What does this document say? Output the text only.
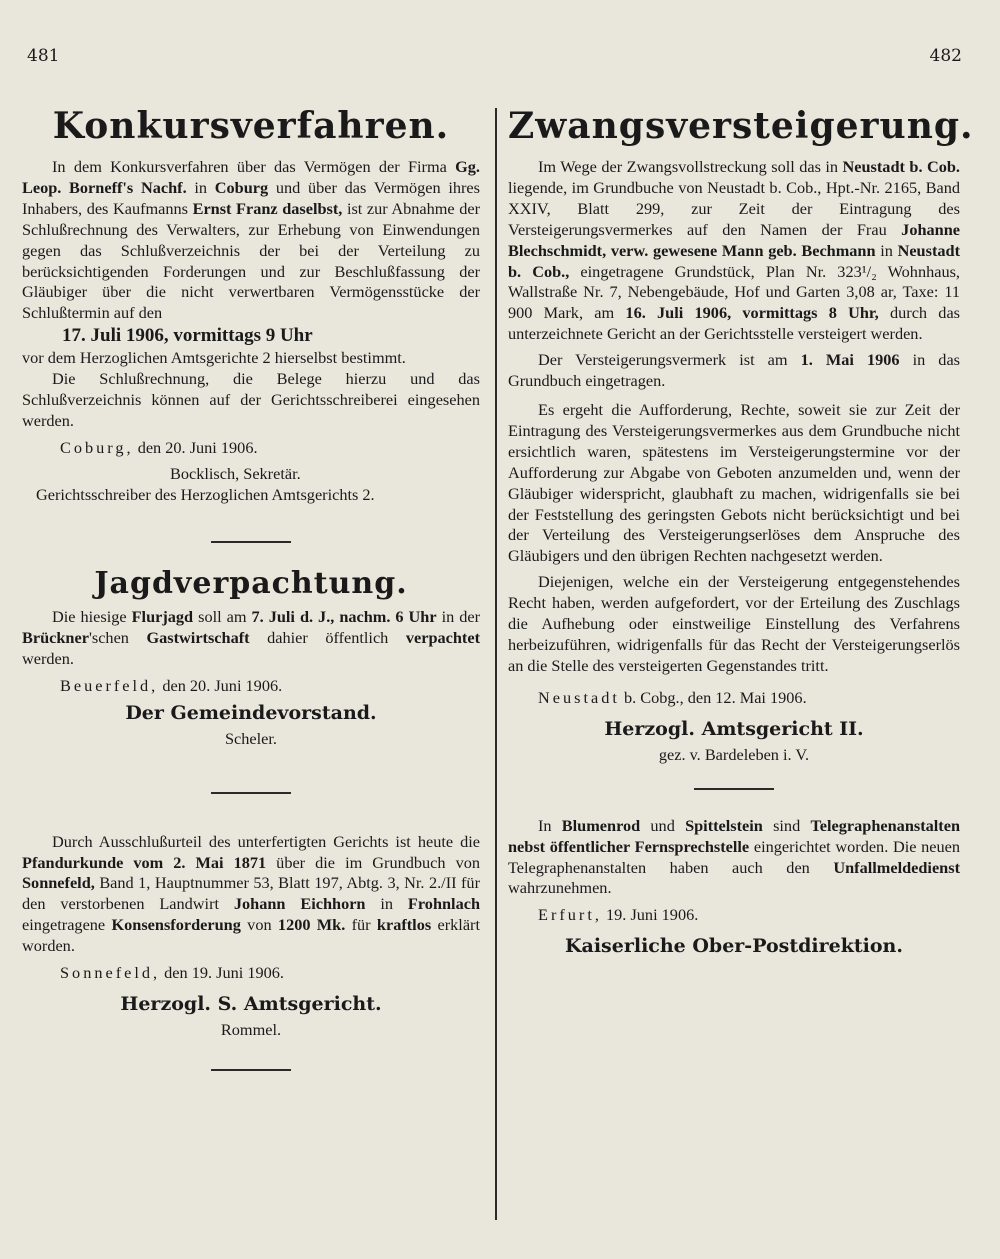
481	482
Konkursverfahren.

In dem Konkursverfahren über das Vermögen der Firma Gg. Leop. Borneff's Nachf. in Coburg und über das Vermögen ihres Inhabers, des Kaufmanns Ernst Franz daselbst, ist zur Abnahme der Schlußrechnung des Verwalters, zur Erhebung von Einwendungen gegen das Schlußverzeichnis der bei der Verteilung zu berücksichtigenden Forderungen und zur Beschlußfassung der Gläubiger über die nicht verwertbaren Vermögensstücke der Schlußtermin auf den

17. Juli 1906, vormittags 9 Uhr

vor dem Herzoglichen Amtsgerichte 2 hierselbst bestimmt.

Die Schlußrechnung, die Belege hierzu und das Schlußverzeichnis können auf der Gerichtsschreiberei eingesehen werden.

Coburg, den 20. Juni 1906.
Bocklisch, Sekretär.
Gerichtsschreiber des Herzoglichen Amtsgerichts 2.
Jagdverpachtung.

Die hiesige Flurjagd soll am 7. Juli d. J., nachm. 6 Uhr in der Brückner'schen Gastwirtschaft dahier öffentlich verpachtet werden.

Beuerfeld, den 20. Juni 1906.
Der Gemeindevorstand.
Scheler.

Durch Ausschlußurteil des unterfertigten Gerichts ist heute die Pfandurkunde vom 2. Mai 1871 über die im Grundbuch von Sonnefeld, Band 1, Hauptnummer 53, Blatt 197, Abtg. 3, Nr. 2./II für den verstorbenen Landwirt Johann Eichhorn in Frohnlach eingetragene Konsensforderung von 1200 Mk. für kraftlos erklärt worden.

Sonnefeld, den 19. Juni 1906.
Herzogl. S. Amtsgericht.
Rommel.
Zwangsversteigerung.

Im Wege der Zwangsvollstreckung soll das in Neustadt b. Cob. liegende, im Grundbuche von Neustadt b. Cob., Hpt.-Nr. 2165, Band XXIV, Blatt 299, zur Zeit der Eintragung des Versteigerungsvermerkes auf den Namen der Frau Johanne Blechschmidt, verw. gewesene Mann geb. Bechmann in Neustadt b. Cob., eingetragene Grundstück, Plan Nr. 323¹/₂ Wohnhaus, Wallstraße Nr. 7, Nebengebäude, Hof und Garten 3,08 ar, Taxe: 11 900 Mark, am 16. Juli 1906, vormittags 8 Uhr, durch das unterzeichnete Gericht an der Gerichtsstelle versteigert werden.

Der Versteigerungsvermerk ist am 1. Mai 1906 in das Grundbuch eingetragen.

Es ergeht die Aufforderung, Rechte, soweit sie zur Zeit der Eintragung des Versteigerungsvermerkes aus dem Grundbuche nicht ersichtlich waren, spätestens im Versteigerungstermine vor der Aufforderung zur Abgabe von Geboten anzumelden und, wenn der Gläubiger widerspricht, glaubhaft zu machen, widrigenfalls sie bei der Feststellung des geringsten Gebots nicht berücksichtigt und bei der Verteilung des Versteigerungserlöses dem Anspruche des Gläubigers und den übrigen Rechten nachgesetzt werden.

Diejenigen, welche ein der Versteigerung entgegenstehendes Recht haben, werden aufgefordert, vor der Erteilung des Zuschlags die Aufhebung oder einstweilige Einstellung des Verfahrens herbeizuführen, widrigenfalls für das Recht der Versteigerungserlös an die Stelle des versteigerten Gegenstandes tritt.

Neustadt b. Cobg., den 12. Mai 1906.
Herzogl. Amtsgericht II.
gez. v. Bardeleben i. V.

In Blumenrod und Spittelstein sind Telegraphenanstalten nebst öffentlicher Fernsprechstelle eingerichtet worden. Die neuen Telegraphenanstalten haben auch den Unfallmeldedienst wahrzunehmen.

Erfurt, 19. Juni 1906.
Kaiserliche Ober-Postdirektion.
